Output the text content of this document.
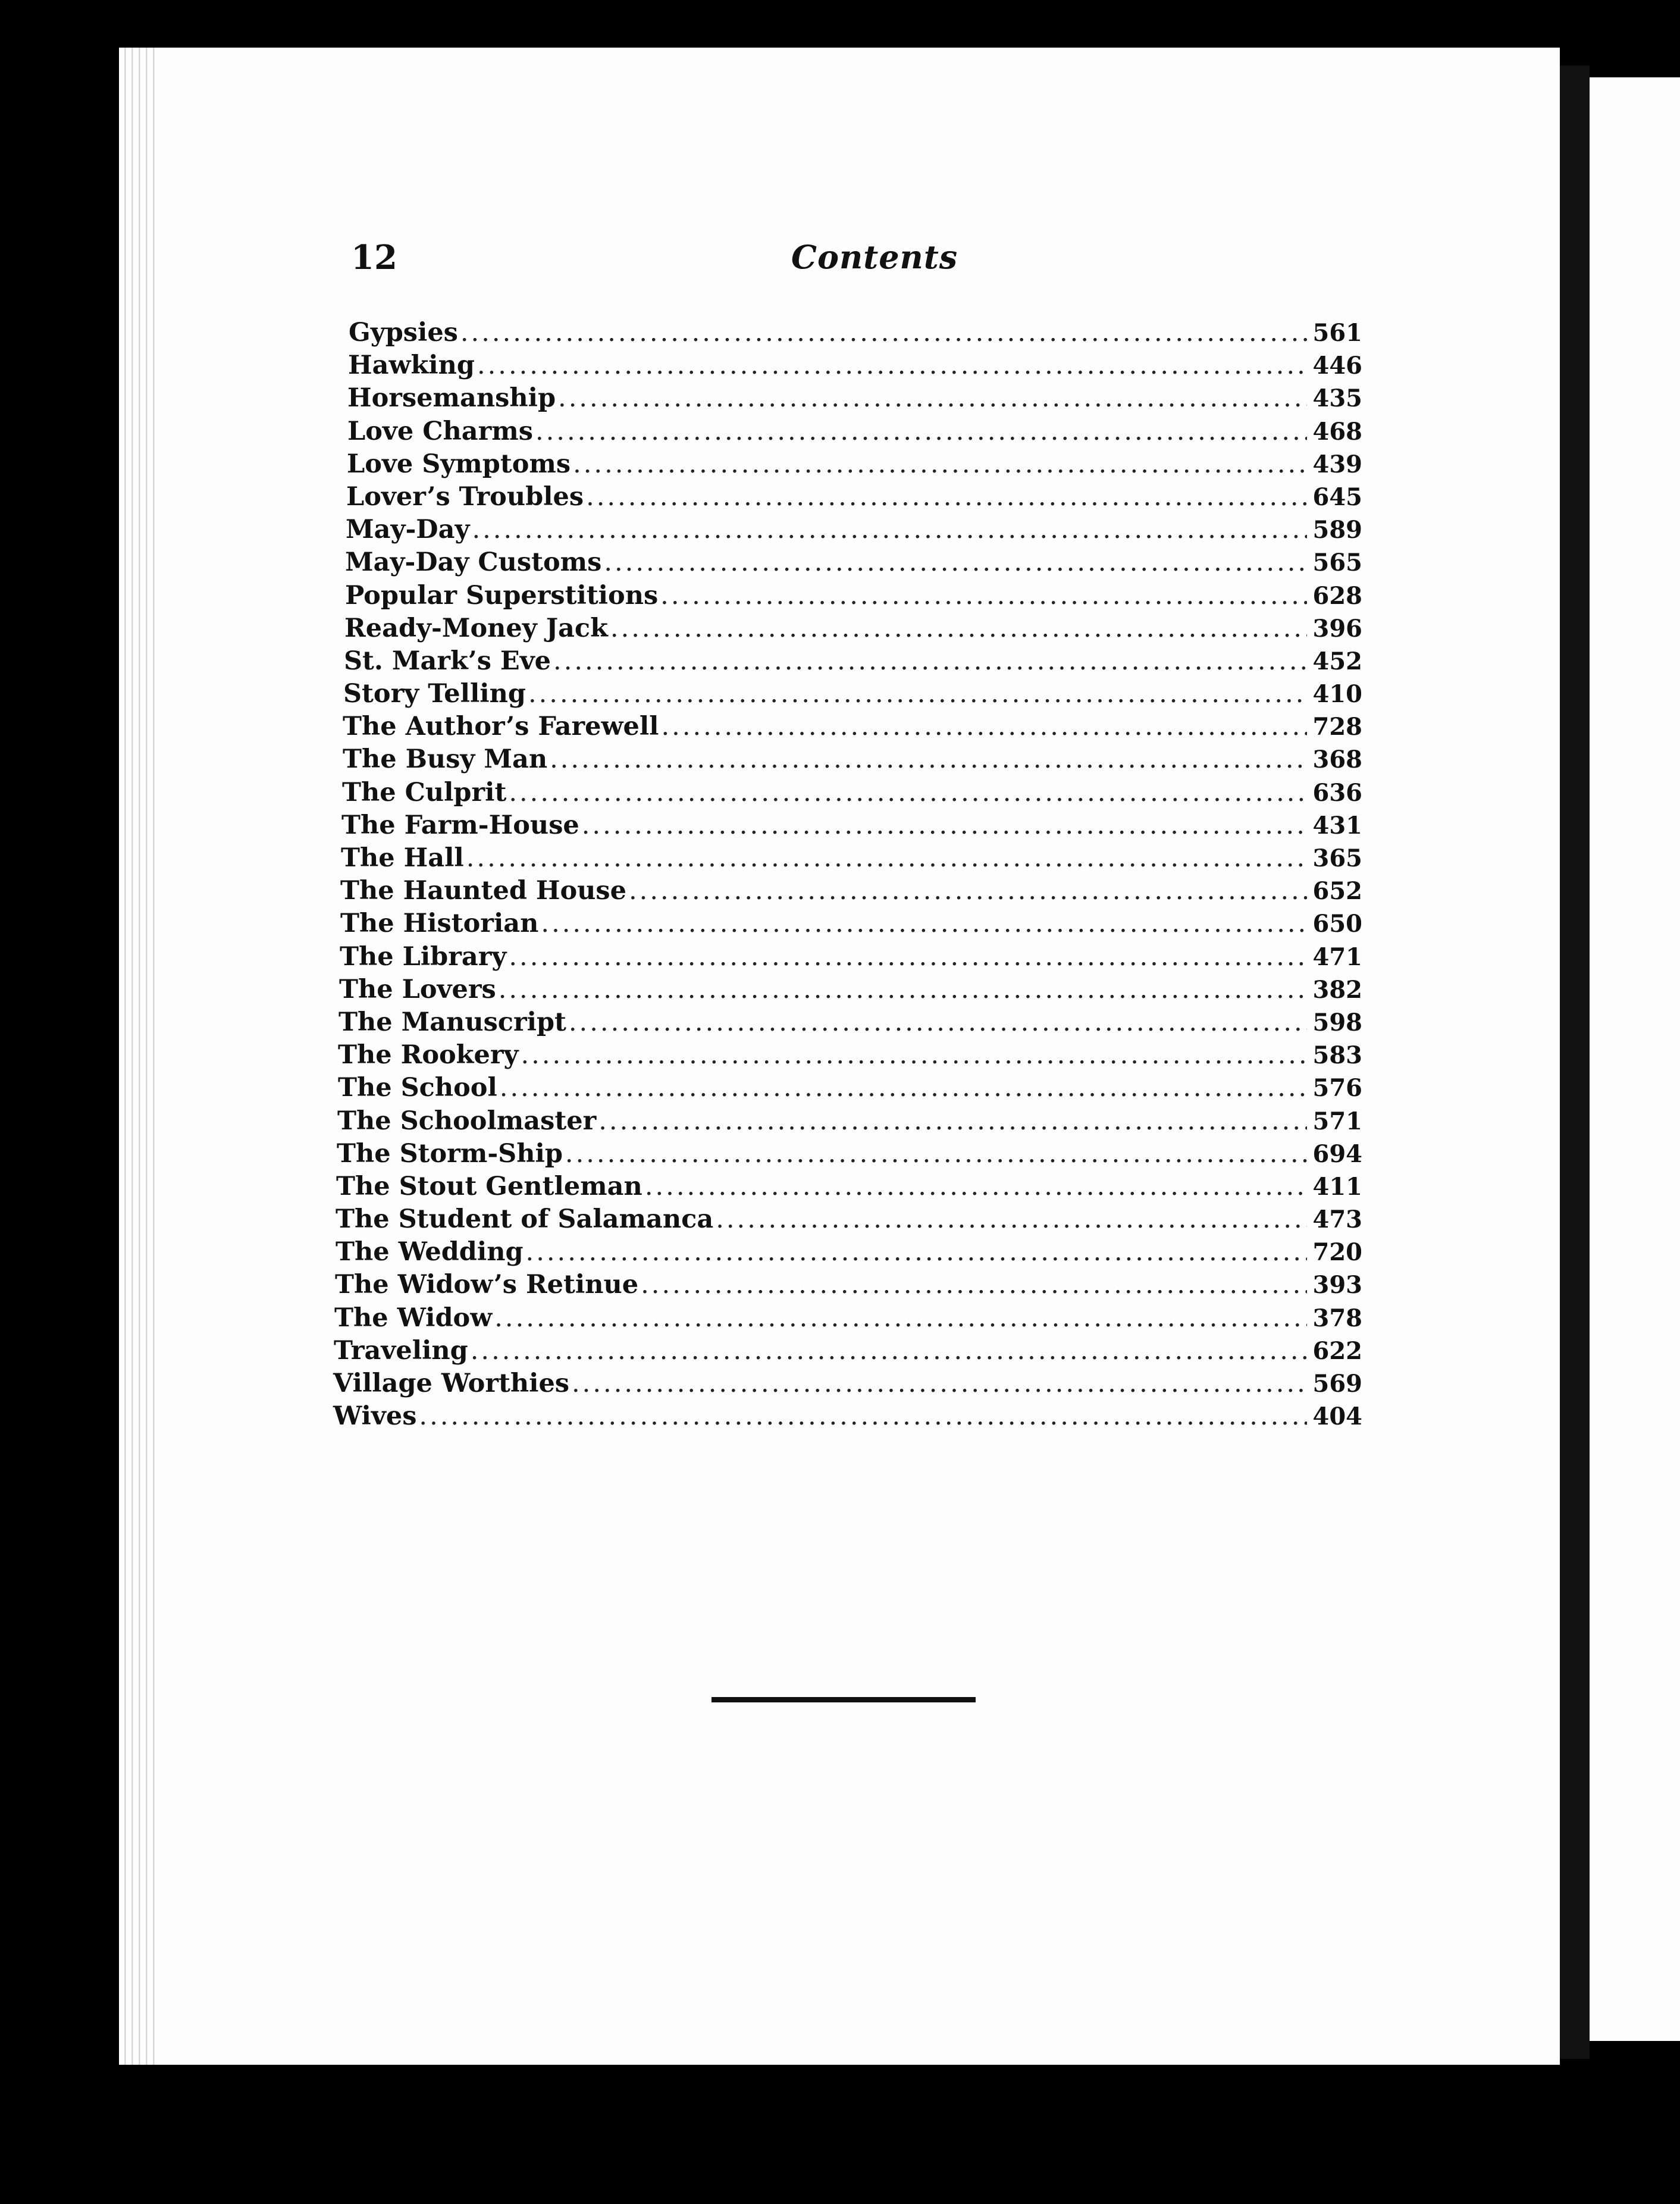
12	Contents
Gypsies .....	561
Hawking .....	446
Horsemanship .....	435
Love Charms .....	468
Love Symptoms .....	439
Lover’s Troubles .....	645
May-Day .....	589
May-Day Customs .....	565
Popular Superstitions .....	628
Ready-Money Jack .....	396
St. Mark’s Eve .....	452
Story Telling .....	410
The Author’s Farewell .....	728
The Busy Man .....	368
The Culprit .....	636
The Farm-House .....	431
The Hall .....	365
The Haunted House .....	652
The Historian .....	650
The Library .....	471
The Lovers .....	382
The Manuscript .....	598
The Rookery .....	583
The School .....	576
The Schoolmaster .....	571
The Storm-Ship .....	694
The Stout Gentleman .....	411
The Student of Salamanca .....	473
The Wedding .....	720
The Widow’s Retinue .....	393
The Widow .....	378
Traveling .....	622
Village Worthies .....	569
Wives .....	404
